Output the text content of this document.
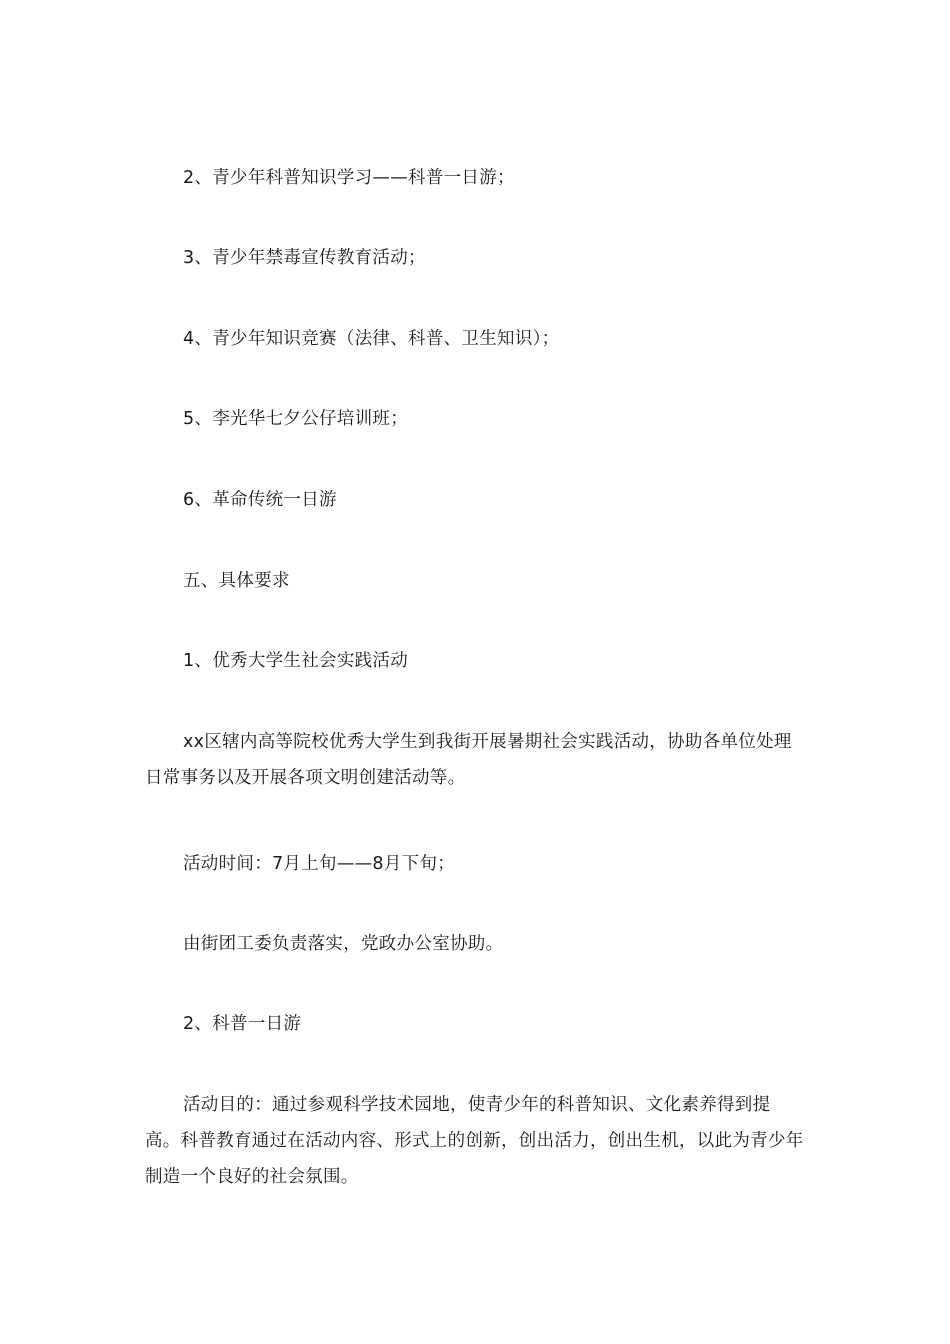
2、青少年科普知识学习——科普一日游；

3、青少年禁毒宣传教育活动；

4、青少年知识竞赛（法律、科普、卫生知识）；

5、李光华七夕公仔培训班；

6、革命传统一日游

五、具体要求

1、优秀大学生社会实践活动

xx区辖内高等院校优秀大学生到我街开展暑期社会实践活动，协助各单位处理日常事务以及开展各项文明创建活动等。

活动时间：7月上旬——8月下旬；

由街团工委负责落实，党政办公室协助。

2、科普一日游

活动目的：通过参观科学技术园地，使青少年的科普知识、文化素养得到提高。科普教育通过在活动内容、形式上的创新，创出活力，创出生机，以此为青少年制造一个良好的社会氛围。
